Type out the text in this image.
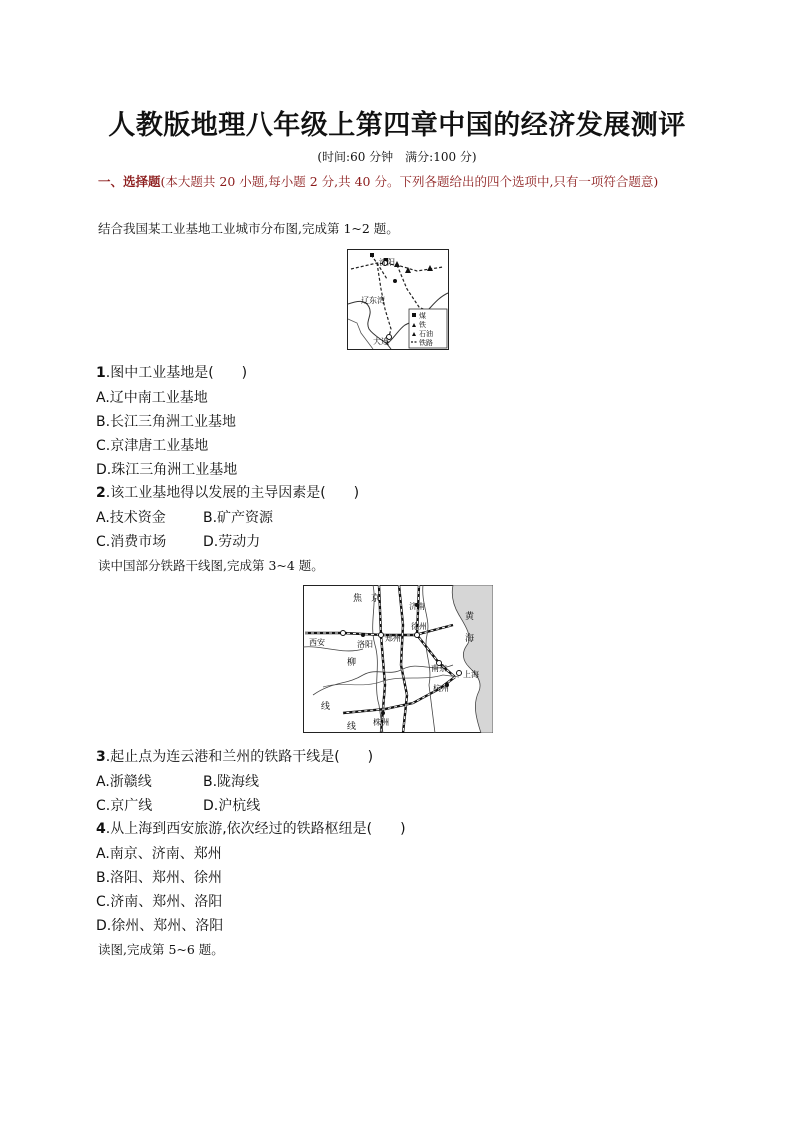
人教版地理八年级上第四章中国的经济发展测评
(时间:60 分钟　满分:100 分)
一、选择题(本大题共 20 小题,每小题 2 分,共 40 分。下列各题给出的四个选项中,只有一项符合题意)
结合我国某工业基地工业城市分布图,完成第 1~2 题。
沈阳
辽东湾
大连
煤
铁
石油
铁路
1.图中工业基地是(　　)
A.辽中南工业基地
B.长江三角洲工业基地
C.京津唐工业基地
D.珠江三角洲工业基地
2.该工业基地得以发展的主导因素是(　　)
A.技术资金	B.矿产资源
C.消费市场	D.劳动力
读中国部分铁路干线图,完成第 3~4 题。
焦 京
济南
黄
海
西安	郑州
徐州
洛阳
柳
南京
上海
杭州
线
线 株洲
3.起止点为连云港和兰州的铁路干线是(　　)
A.浙赣线	B.陇海线
C.京广线	D.沪杭线
4.从上海到西安旅游,依次经过的铁路枢纽是(　　)
A.南京、济南、郑州
B.洛阳、郑州、徐州
C.济南、郑州、洛阳
D.徐州、郑州、洛阳
读图,完成第 5~6 题。
